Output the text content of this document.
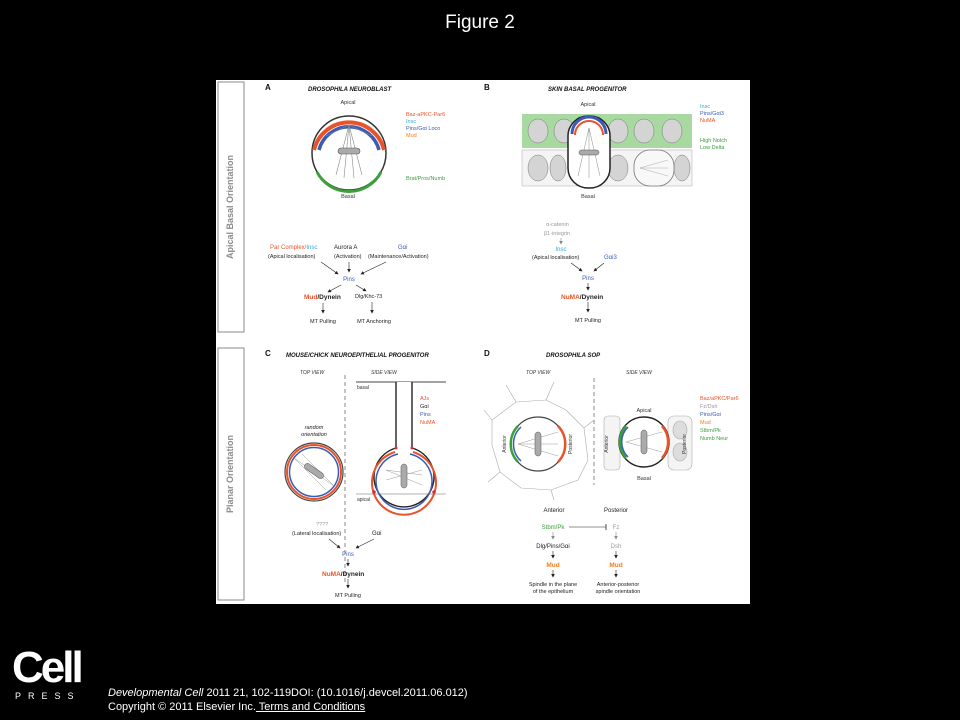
Figure 2
Apical Basal Orientation
Planar Orientation
A	DROSOPHILA NEUROBLAST
Apical
Basal
Baz-aPKC-Par6
Insc
Pins/Gαi Loco
Mud
Brat/Pros/Numb
Par Complex/Insc
(Apical localisation)
Aurora A
(Activation)
Gαi
(Maintenance/Activation)
Pins
Mud/Dynein	Dlg/Khc-73
MT Pulling	MT Anchoring
B	SKIN BASAL PROGENITOR
Apical
Basal
Insc
Pins/Gαi3
NuMA
High Notch
Low Delta
α-catenin
β1-integrin
Insc
(Apical localisation)	Gαi3
Pins
NuMA/Dynein
MT Pulling
C	MOUSE/CHICK NEUROEPITHELIAL PROGENITOR
TOP VIEW	SIDE VIEW
random
orientation
basal
apical
AJs
Gαi
Pins
NuMA
????
(Lateral localisation)	Gαi
Pins
NuMA/Dynein
MT Pulling
D	DROSOPHILA SOP
TOP VIEW	SIDE VIEW
Anterior	Posterior
Apical
Anterior	Posterior
Basal
Baz/aPKC/Par6
Fz/Dsh
Pins/Gαi
Mud
Stbm/Pk
Numb Neur
Anterior	Posterior
Stbm/Pk	Fz
Dlg/Pins/Gαi	Dsh
Mud	Mud
Spindle in the plane
of the epithelium
Anterior-posterior
spindle orientation
Cell
PRESS Developmental Cell 2011 21, 102-119DOI: (10.1016/j.devcel.2011.06.012)
Copyright © 2011 Elsevier Inc. Terms and Conditions
